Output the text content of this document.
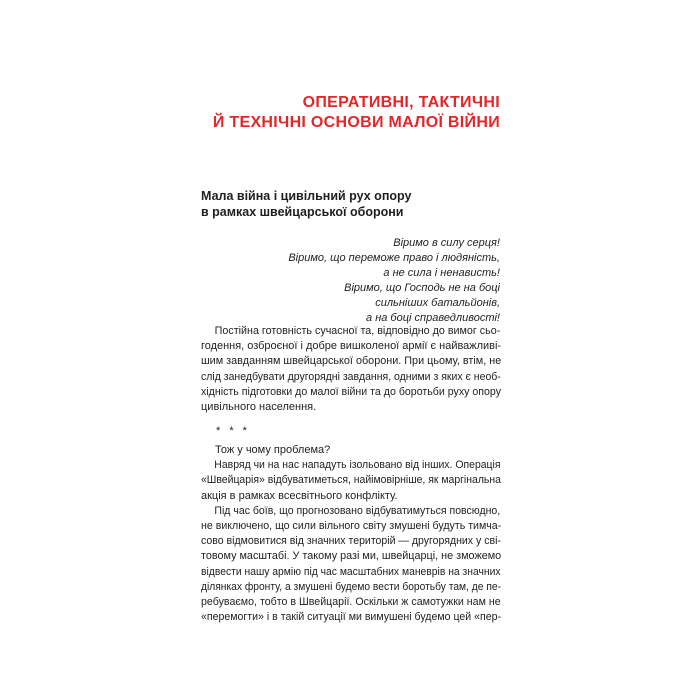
ОПЕРАТИВНІ, ТАКТИЧНІ
Й ТЕХНІЧНІ ОСНОВИ МАЛОЇ ВІЙНИ
Мала війна і цивільний рух опору
в рамках швейцарської оборони
Віримо в силу серця!
Віримо, що переможе право і людяність,
а не сила і ненависть!
Віримо, що Господь не на боці
сильніших батальйонів,
а на боці справедливості!

Постійна готовність сучасної та, відповідно до вимог сьо-
годення, озброєної і добре вишколеної армії є найважливі-
шим завданням швейцарської оборони. При цьому, втім, не
слід занедбувати другорядні завдання, одними з яких є необ-
хідність підготовки до малої війни та до боротьби руху опору
цивільного населення.

* * *

Тож у чому проблема?
Навряд чи на нас нападуть ізольовано від інших. Операція
«Швейцарія» відбуватиметься, найімовірніше, як маргінальна
акція в рамках всесвітнього конфлікту.
Під час боїв, що прогнозовано відбуватимуться повсюдно,
не виключено, що сили вільного світу змушені будуть тимча-
сово відмовитися від значних територій — другорядних у сві-
товому масштабі. У такому разі ми, швейцарці, не зможемо
відвести нашу армію під час масштабних маневрів на значних
ділянках фронту, а змушені будемо вести боротьбу там, де пе-
ребуваємо, тобто в Швейцарії. Оскільки ж самотужки нам не
«перемогти» і в такій ситуації ми вимушені будемо цей «пер-
